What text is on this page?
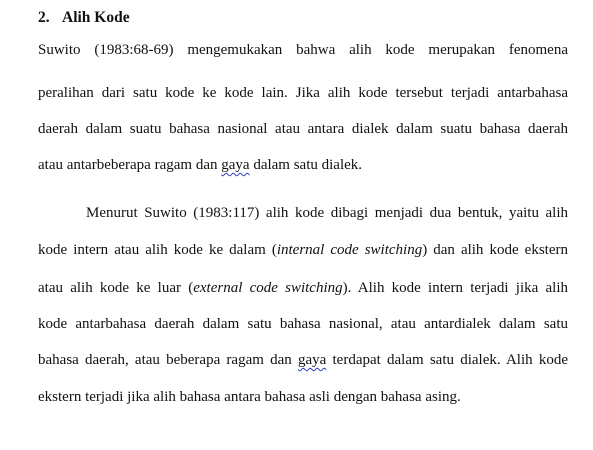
2. Alih Kode
Suwito (1983:68-69) mengemukakan bahwa alih kode merupakan fenomena
peralihan dari satu kode ke kode lain. Jika alih kode tersebut terjadi antarbahasa
daerah dalam suatu bahasa nasional atau antara dialek dalam suatu bahasa daerah
atau antarbeberapa ragam dan gaya dalam satu dialek.
Menurut Suwito (1983:117) alih kode dibagi menjadi dua bentuk, yaitu alih
kode intern atau alih kode ke dalam (internal code switching) dan alih kode ekstern
atau alih kode ke luar (external code switching). Alih kode intern terjadi jika alih
kode antarbahasa daerah dalam satu bahasa nasional, atau antardialek dalam satu
bahasa daerah, atau beberapa ragam dan gaya terdapat dalam satu dialek. Alih kode
ekstern terjadi jika alih bahasa antara bahasa asli dengan bahasa asing.
